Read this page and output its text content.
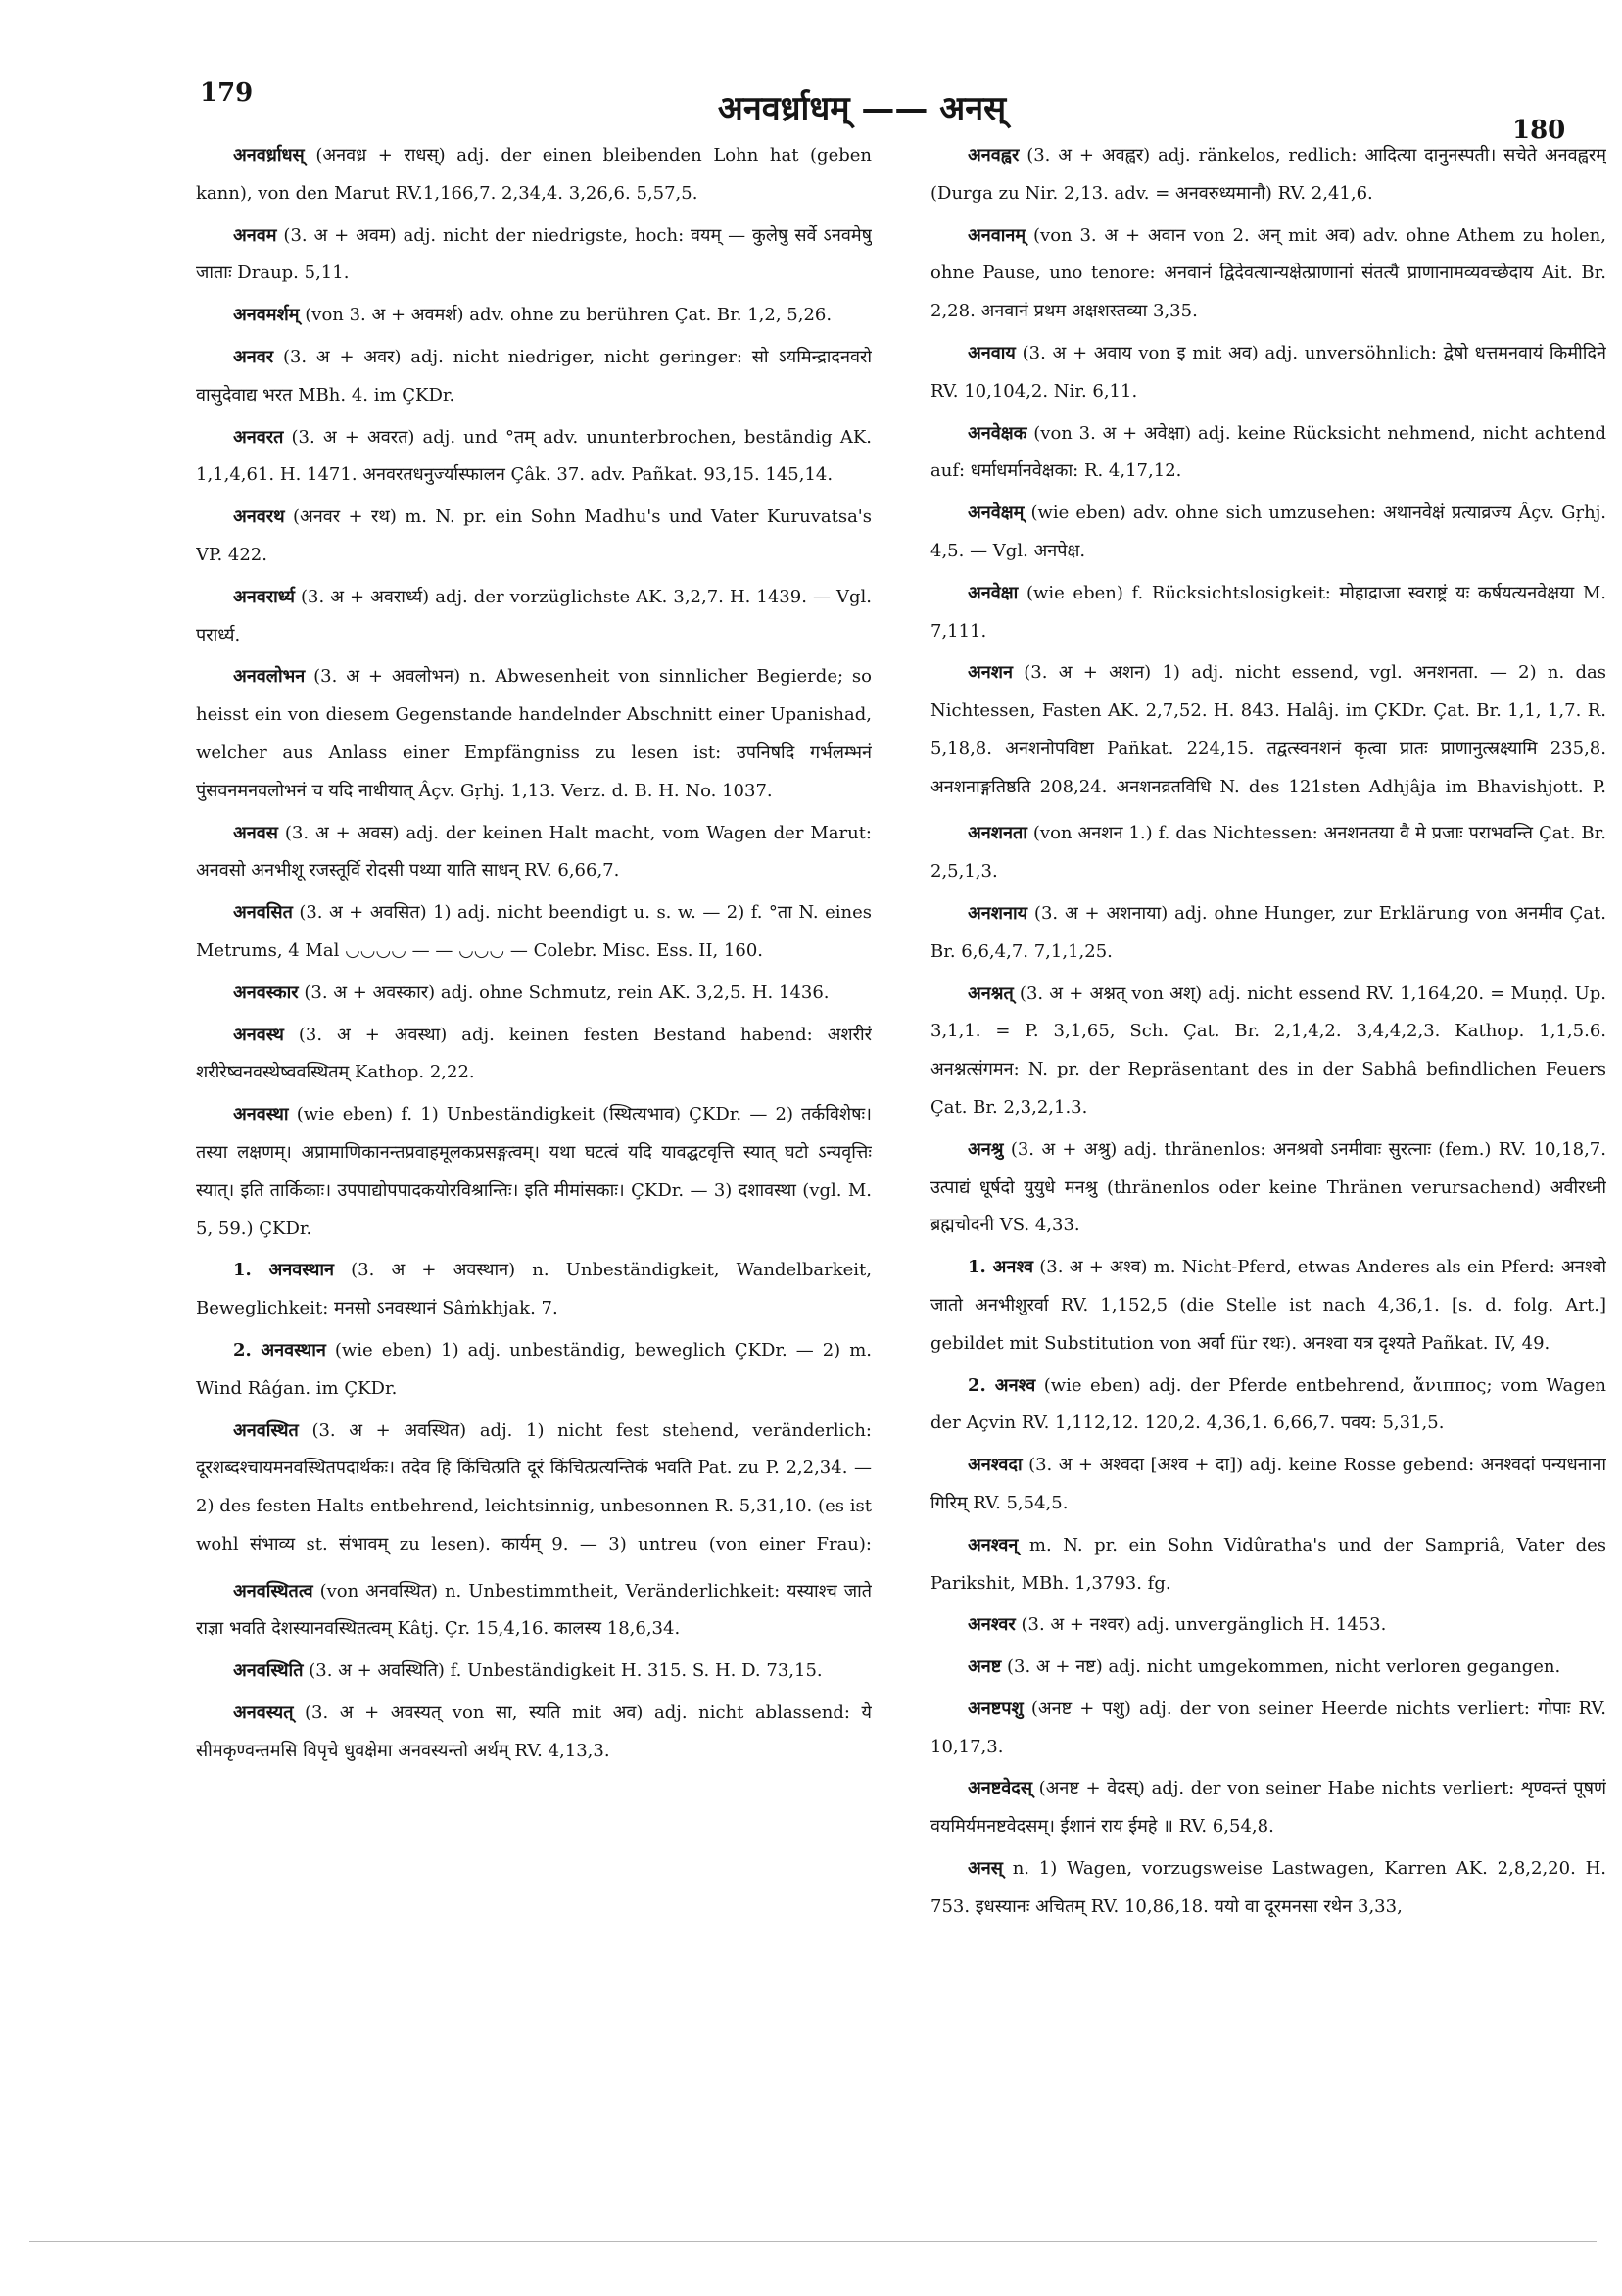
179	अनवर्ध्राधम् —— अनस्
180

अनवर्ध्राधस् (अनवध्र + राधस्) adj. der einen bleibenden Lohn hat (geben kann), von den Marut RV.1,166,7. 2,34,4. 3,26,6. 5,57,5.

अनवम (3. अ + अवम) adj. nicht der niedrigste, hoch: वयम् — कुलेषु सर्वे ऽनवमेषु जाताः Draup. 5,11.

अनवमर्शम् (von 3. अ + अवमर्श) adv. ohne zu berühren Çat. Br. 1,2, 5,26.

अनवर (3. अ + अवर) adj. nicht niedriger, nicht geringer: सो ऽयमिन्द्रादनवरो वासुदेवाद्य भरत MBh. 4. im ÇKDr.

अनवरत (3. अ + अवरत) adj. und °तम् adv. ununterbrochen, beständig AK. 1,1,4,61. H. 1471. अनवरतधनुर्ज्यास्फालन Çâk. 37. adv. Pañkat. 93,15. 145,14.

अनवरथ (अनवर + रथ) m. N. pr. ein Sohn Madhu's und Vater Kuruvatsa's VP. 422.

अनवरार्ध्य (3. अ + अवरार्ध्य) adj. der vorzüglichste AK. 3,2,7. H. 1439. — Vgl. परार्ध्य.

अनवलोभन (3. अ + अवलोभन) n. Abwesenheit von sinnlicher Begierde; so heisst ein von diesem Gegenstande handelnder Abschnitt einer Upanishad, welcher aus Anlass einer Empfängniss zu lesen ist: उपनिषदि गर्भलम्भनं पुंसवनमनवलोभनं च यदि नाधीयात् Âçv. Gṛhj. 1,13. Verz. d. B. H. No. 1037.

अनवस (3. अ + अवस) adj. der keinen Halt macht, vom Wagen der Marut: अनवसो अनभीशू रजस्तूर्वि रोदसी पथ्या याति साधन् RV. 6,66,7.

अनवसित (3. अ + अवसित) 1) adj. nicht beendigt u. s. w. — 2) f. °ता N. eines Metrums, 4 Mal ◡◡◡◡ — — ◡◡◡ — Colebr. Misc. Ess. II, 160.

अनवस्कार (3. अ + अवस्कार) adj. ohne Schmutz, rein AK. 3,2,5. H. 1436.

अनवस्थ (3. अ + अवस्था) adj. keinen festen Bestand habend: अशरीरं शरीरेष्वनवस्थेष्ववस्थितम् Kathop. 2,22.

अनवस्था (wie eben) f. 1) Unbeständigkeit (स्थित्यभाव) ÇKDr. — 2) तर्कविशेषः। तस्या लक्षणम्। अप्रामाणिकानन्तप्रवाहमूलकप्रसङ्गत्वम्। यथा घटत्वं यदि यावद्घटवृत्ति स्यात् घटो ऽन्यवृत्तिः स्यात्। इति तार्किकाः। उपपाद्योपपादकयोरविश्रान्तिः। इति मीमांसकाः। ÇKDr. — 3) दशावस्था (vgl. M. 5, 59.) ÇKDr.

1. अनवस्थान (3. अ + अवस्थान) n. Unbeständigkeit, Wandelbarkeit, Beweglichkeit: मनसो ऽनवस्थानं Sâṁkhjak. 7.

2. अनवस्थान (wie eben) 1) adj. unbeständig, beweglich ÇKDr. — 2) m. Wind Râǵan. im ÇKDr.

अनवस्थित (3. अ + अवस्थित) adj. 1) nicht fest stehend, veränderlich: दूरशब्दश्चायमनवस्थितपदार्थकः। तदेव हि किंचित्प्रति दूरं किंचित्प्रत्यन्तिकं भवति Pat. zu P. 2,2,34. — 2) des festen Halts entbehrend, leichtsinnig, unbesonnen R. 5,31,10. (es ist wohl संभाव्य st. संभावम् zu lesen). कार्यम् 9. — 3) untreu (von einer Frau):

अनवस्थितत्व (von अनवस्थित) n. Unbestimmtheit, Veränderlichkeit: यस्याश्च जाते राज्ञा भवति देशस्यानवस्थितत्वम् Kâtj. Çr. 15,4,16. कालस्य 18,6,34.

अनवस्थिति (3. अ + अवस्थिति) f. Unbeständigkeit H. 315. S. H. D. 73,15.

अनवस्यत् (3. अ + अवस्यत् von सा, स्यति mit अव) adj. nicht ablassend: ये सीमकृण्वन्तमसि विपृचे धुवक्षेमा अनवस्यन्तो अर्थम् RV. 4,13,3.

अनवह्वर (3. अ + अवह्वर) adj. ränkelos, redlich: आदित्या दानुनस्पती। सचेते अनवह्वरम् (Durga zu Nir. 2,13. adv. = अनवरुध्यमानौ) RV. 2,41,6.

अनवानम् (von 3. अ + अवान von 2. अन् mit अव) adv. ohne Athem zu holen, ohne Pause, uno tenore: अनवानं द्विदेवत्यान्यक्षेत्प्राणानां संतत्यै प्राणानामव्यवच्छेदाय Ait. Br. 2,28. अनवानं प्रथम अक्षशस्तव्या 3,35.

अनवाय (3. अ + अवाय von इ mit अव) adj. unversöhnlich: द्वेषो धत्तमनवायं किमीदिने RV. 10,104,2. Nir. 6,11.

अनवेक्षक (von 3. अ + अवेक्षा) adj. keine Rücksicht nehmend, nicht achtend auf: धर्माधर्मानवेक्षका: R. 4,17,12.

अनवेक्षम् (wie eben) adv. ohne sich umzusehen: अथानवेक्षं प्रत्याव्रज्य Âçv. Gṛhj. 4,5. — Vgl. अनपेक्ष.

अनवेक्षा (wie eben) f. Rücksichtslosigkeit: मोहाद्राजा स्वराष्ट्रं यः कर्षयत्यनवेक्षया M. 7,111.

अनशन (3. अ + अशन) 1) adj. nicht essend, vgl. अनशनता. — 2) n. das Nichtessen, Fasten AK. 2,7,52. H. 843. Halâj. im ÇKDr. Çat. Br. 1,1, 1,7. R. 5,18,8. अनशनोपविष्टा Pañkat. 224,15. तद्वत्स्वनशनं कृत्वा प्रातः प्राणानुत्स्रक्ष्यामि 235,8. अनशनाङ्गतिष्ठति 208,24. अनशनव्रतविधि N. des 121sten Adhjâja im Bhavishjott. P.

अनशनता (von अनशन 1.) f. das Nichtessen: अनशनतया वै मे प्रजाः पराभवन्ति Çat. Br. 2,5,1,3.

अनशनाय (3. अ + अशनाया) adj. ohne Hunger, zur Erklärung von अनमीव Çat. Br. 6,6,4,7. 7,1,1,25.

अनश्नत् (3. अ + अश्नत् von अश्) adj. nicht essend RV. 1,164,20. = Muṇḍ. Up. 3,1,1. = P. 3,1,65, Sch. Çat. Br. 2,1,4,2. 3,4,4,2,3. Kathop. 1,1,5.6. अनश्नत्संगमन: N. pr. der Repräsentant des in der Sabhâ befindlichen Feuers Çat. Br. 2,3,2,1.3.

अनश्रु (3. अ + अश्रु) adj. thränenlos: अनश्रवो ऽनमीवाः सुरत्नाः (fem.) RV. 10,18,7. उत्पाद्यं धूर्षदो युयुधे मनश्रु (thränenlos oder keine Thränen verursachend) अवीरध्नी ब्रह्मचोदनी VS. 4,33.

1. अनश्व (3. अ + अश्व) m. Nicht-Pferd, etwas Anderes als ein Pferd: अनश्वो जातो अनभीशुरर्वा RV. 1,152,5 (die Stelle ist nach 4,36,1. [s. d. folg. Art.] gebildet mit Substitution von अर्वा für रथः). अनश्वा यत्र दृश्यते Pañkat. IV, 49.

2. अनश्व (wie eben) adj. der Pferde entbehrend, ἄνιππος; vom Wagen der Açvin RV. 1,112,12. 120,2. 4,36,1. 6,66,7. पवय: 5,31,5.

अनश्वदा (3. अ + अश्वदा [अश्व + दा]) adj. keine Rosse gebend: अनश्वदां पन्यधनाना गिरिम् RV. 5,54,5.

अनश्वन् m. N. pr. ein Sohn Vidûratha's und der Sampriâ, Vater des Parikshit, MBh. 1,3793. fg.

अनश्वर (3. अ + नश्वर) adj. unvergänglich H. 1453.

अनष्ट (3. अ + नष्ट) adj. nicht umgekommen, nicht verloren gegangen.

अनष्टपशु (अनष्ट + पशु) adj. der von seiner Heerde nichts verliert: गोपाः RV. 10,17,3.

अनष्टवेदस् (अनष्ट + वेदस्) adj. der von seiner Habe nichts verliert: शृण्वन्तं पूषणं वयमिर्यमनष्टवेदसम्। ईशानं राय ईमहे ॥ RV. 6,54,8.

अनस् n. 1) Wagen, vorzugsweise Lastwagen, Karren AK. 2,8,2,20. H. 753. इधस्यानः अचितम् RV. 10,86,18. ययो वा दूरमनसा रथेन 3,33,
